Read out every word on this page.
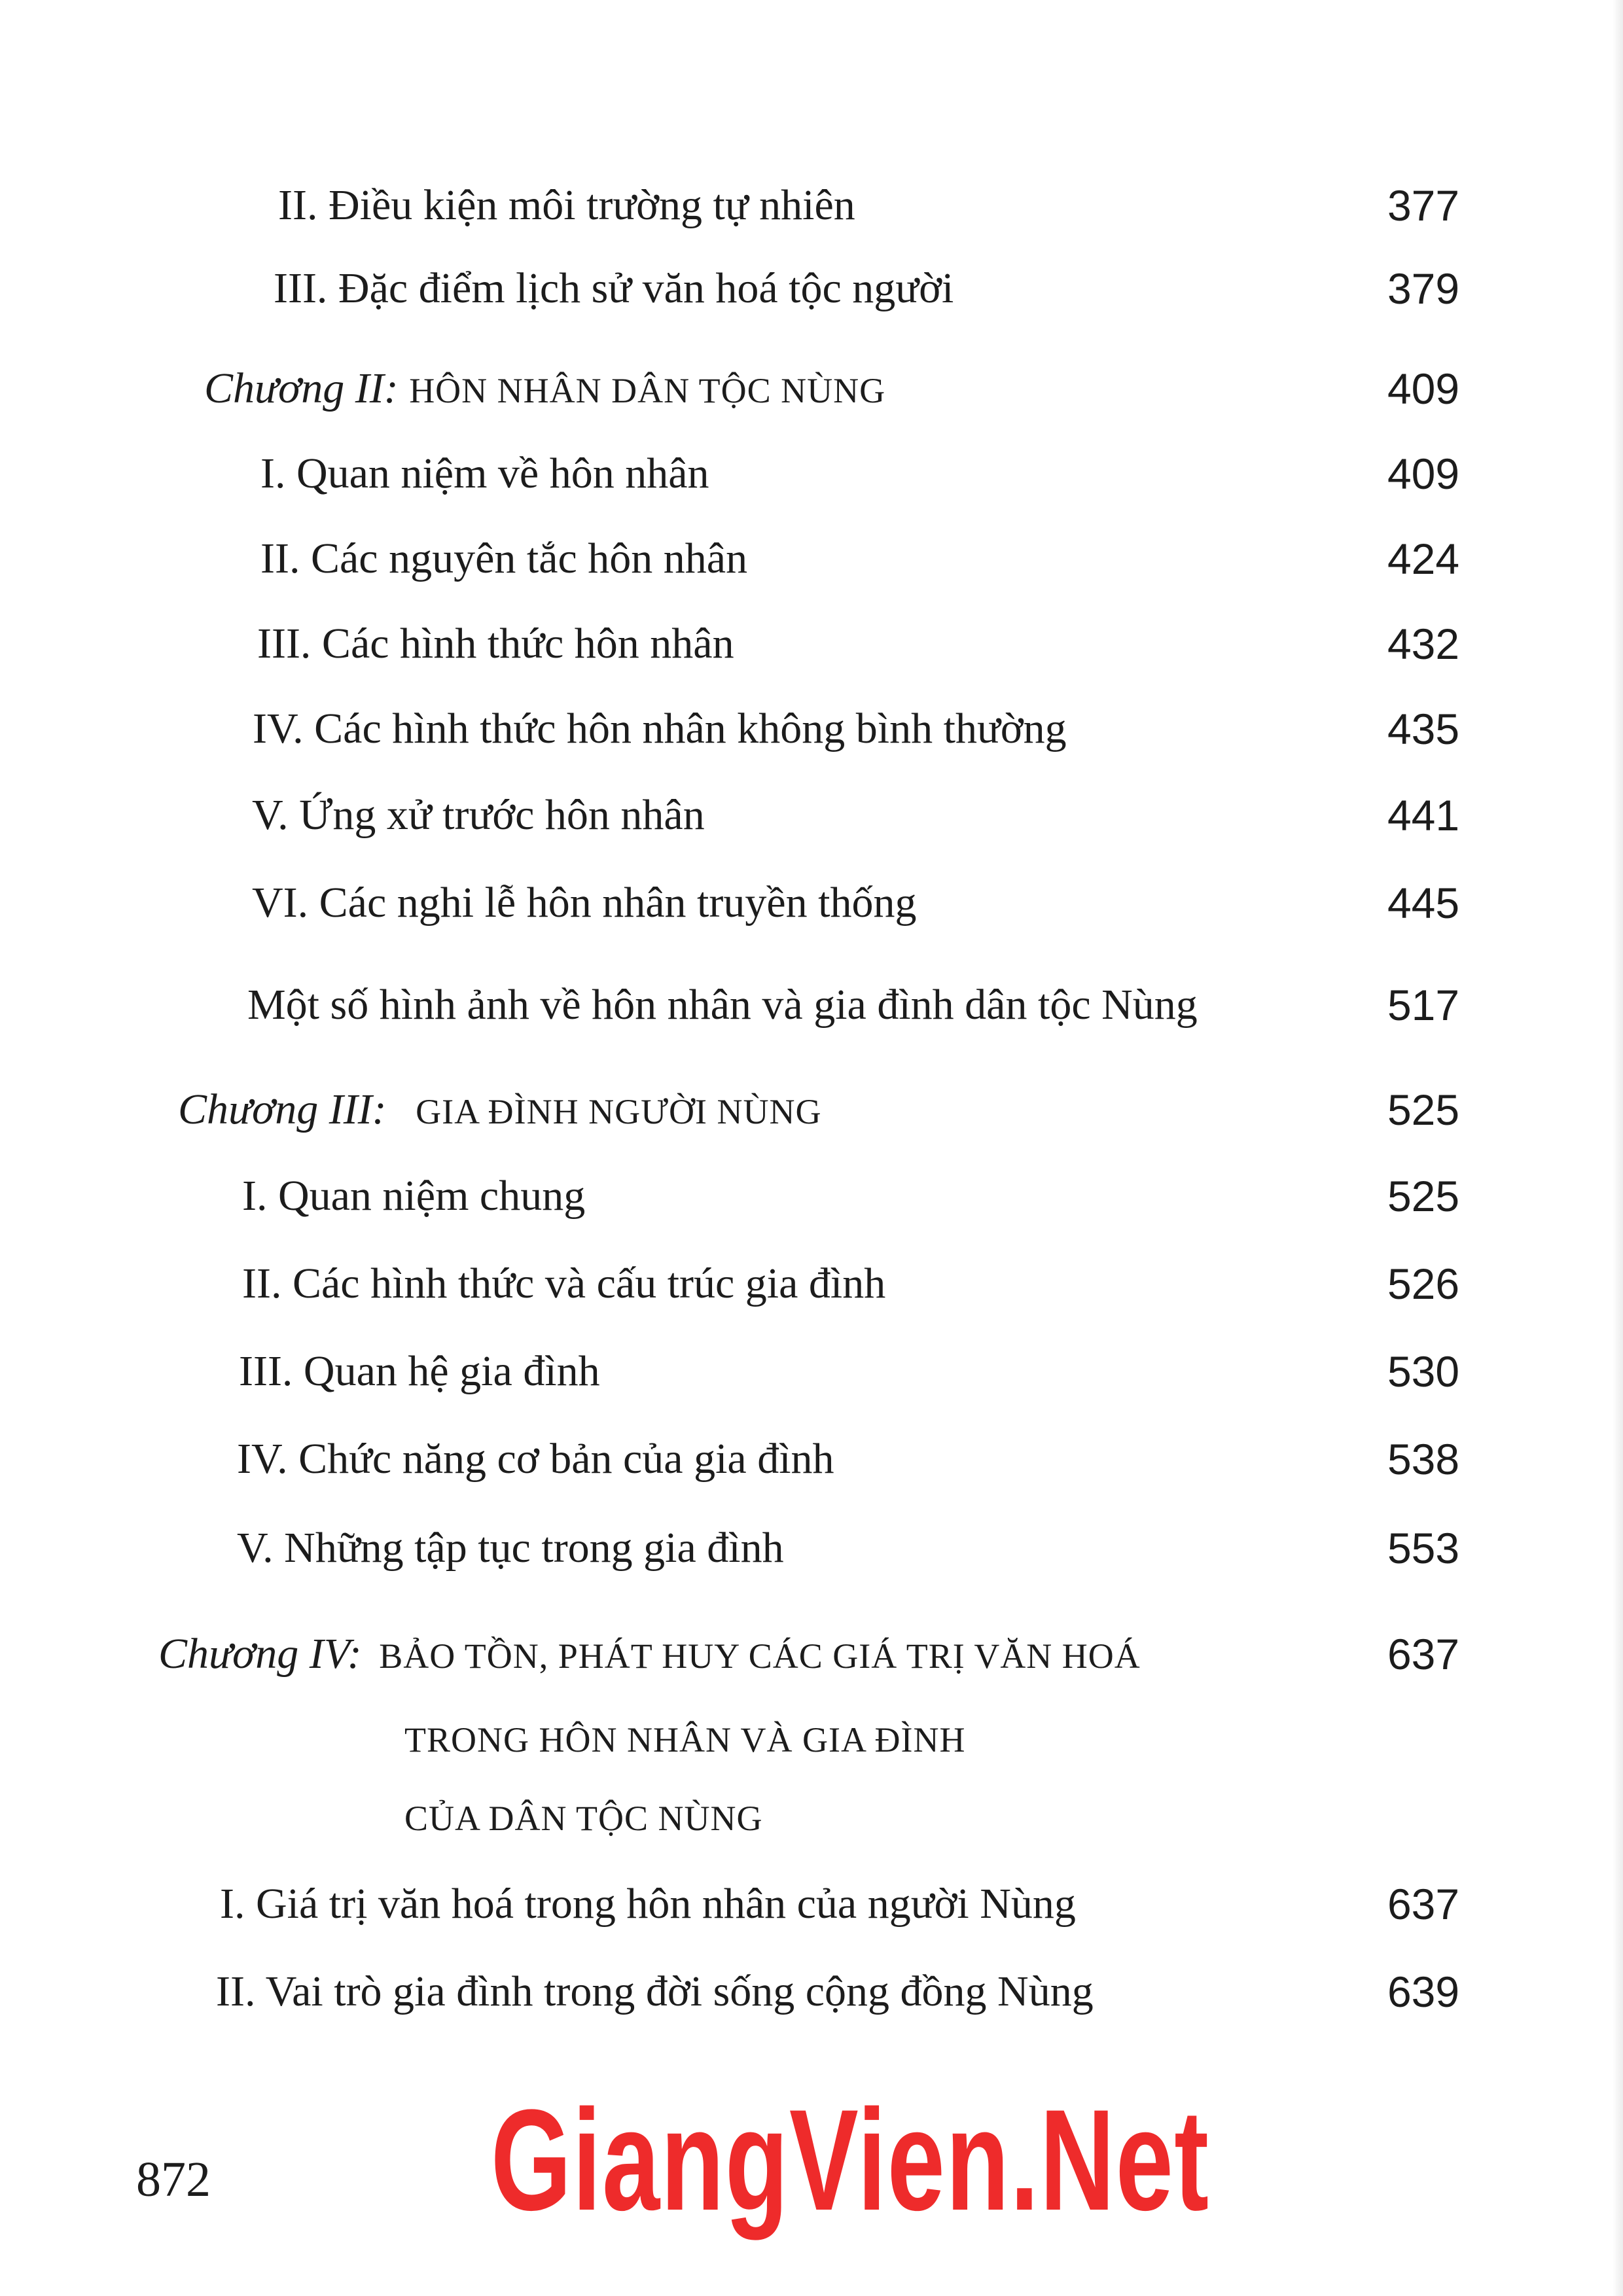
II. Điều kiện môi trường tự nhiên	377
III. Đặc điểm lịch sử văn hoá tộc người	379
Chương II: HÔN NHÂN DÂN TỘC NÙNG	409
I. Quan niệm về hôn nhân	409
II. Các nguyên tắc hôn nhân	424
III. Các hình thức hôn nhân	432
IV. Các hình thức hôn nhân không bình thường	435
V. Ứng xử trước hôn nhân	441
VI. Các nghi lễ hôn nhân truyền thống	445
Một số hình ảnh về hôn nhân và gia đình dân tộc Nùng	517
Chương III: GIA ĐÌNH NGƯỜI NÙNG	525
I. Quan niệm chung	525
II. Các hình thức và cấu trúc gia đình	526
III. Quan hệ gia đình	530
IV. Chức năng cơ bản của gia đình	538
V. Những tập tục trong gia đình	553
Chương IV: BẢO TỒN, PHÁT HUY CÁC GIÁ TRỊ VĂN HOÁ	637
TRONG HÔN NHÂN VÀ GIA ĐÌNH
CỦA DÂN TỘC NÙNG
I. Giá trị văn hoá trong hôn nhân của người Nùng	637
II. Vai trò gia đình trong đời sống cộng đồng Nùng	639
872 GiangVien.Net
